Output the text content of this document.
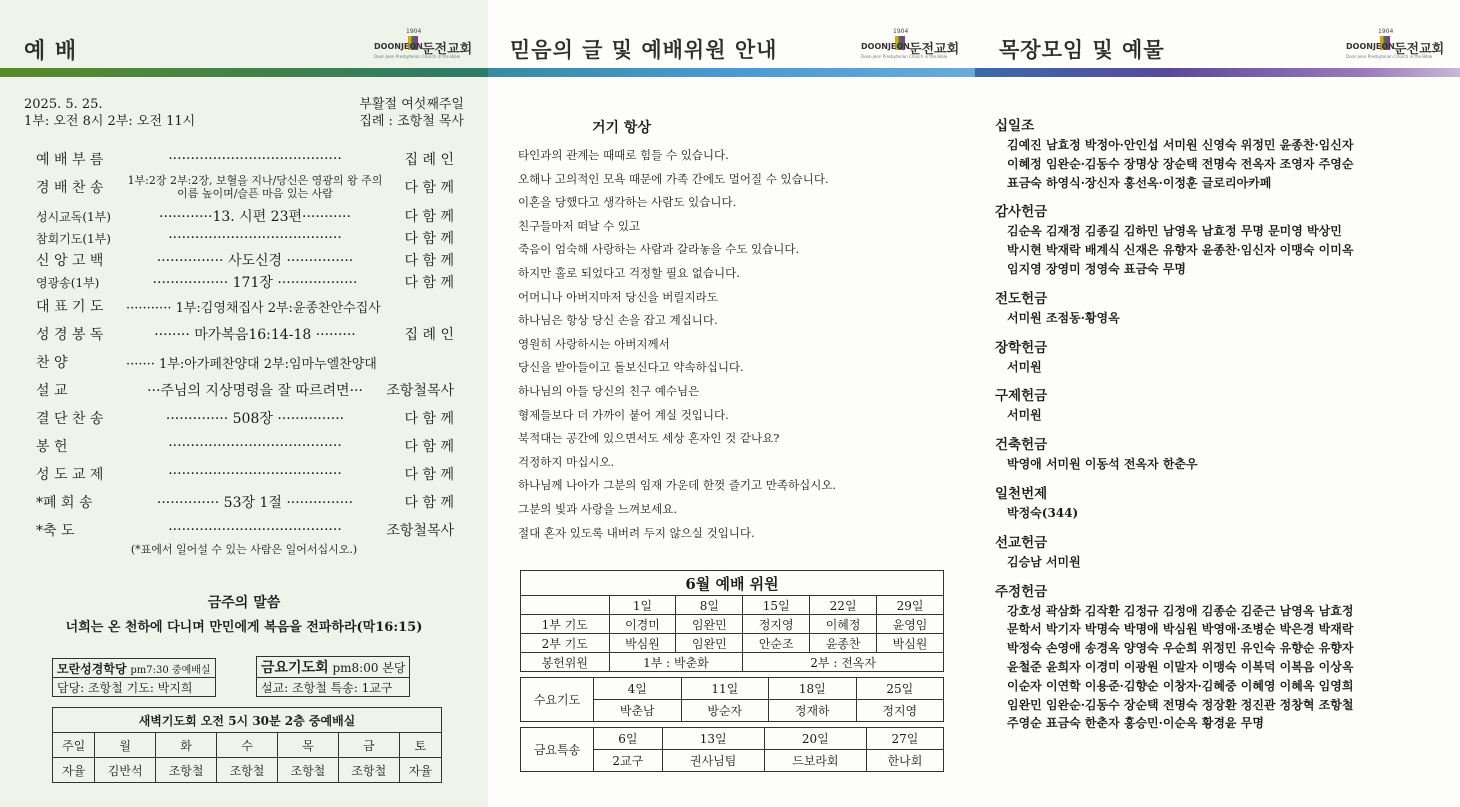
예 배
1904
DOONJEON 둔전교회
Doon Jeon Presbyterian Church in the Bible
2025. 5. 25.	부활절 여섯째주일
1부: 오전 8시 2부: 오전 11시	집례 : 조항철 목사
예 배 부 름	·······································	집 례 인
경 배 찬 송	1부:2장 2부:2장, 보혈을 지나/당신은 영광의 왕 주의 이름 높이며/슬픈 마음 있는 사람	다 함 께
성시교독(1부)	············13. 시편 23편···········	다 함 께
참회기도(1부)	·······································	다 함 께
신 앙 고 백	··············· 사도신경 ···············	다 함 께
영광송(1부)	················· 171장 ··················	다 함 께
대 표 기 도	··········· 1부:김영채집사 2부:윤종찬안수집사
성 경 봉 독	········ 마가복음16:14-18 ·········	집 례 인
찬 양	······· 1부:아가페찬양대 2부:임마누엘찬양대
설 교	···주님의 지상명령을 잘 따르려면···	조항철목사
결 단 찬 송	·············· 508장 ···············	다 함 께
봉 헌	·······································	다 함 께
성 도 교 제	·······································	다 함 께
*폐 회 송	·············· 53장 1절 ···············	다 함 께
*축 도	·······································	조항철목사
(*표에서 일어설 수 있는 사람은 일어서십시오.)
금주의 말씀
너희는 온 천하에 다니며 만민에게 복음을 전파하라(막16:15)
모란성경학당 pm7:30 중예배실
담당: 조항철 기도: 박지희
금요기도회 pm8:00 본당
설교: 조항철 특송: 1교구
새벽기도회 오전 5시 30분 2층 중예배실						
주일	월	화	수	목	금	토
자율	김반석	조항철	조항철	조항철	조항철	자율
믿음의 글 및 예배위원 안내
1904
DOONJEON 둔전교회
Doon Jeon Presbyterian Church in the Bible
거기 항상
타인과의 관계는 때때로 힘들 수 있습니다.
오해나 고의적인 모욕 때문에 가족 간에도 멀어질 수 있습니다.
이혼을 당했다고 생각하는 사람도 있습니다.
친구들마저 떠날 수 있고
죽음이 엄숙해 사랑하는 사람과 갈라놓을 수도 있습니다.
하지만 홀로 되었다고 걱정할 필요 없습니다.
어머니나 아버지마저 당신을 버릴지라도
하나님은 항상 당신 손을 잡고 계십니다.
영원히 사랑하시는 아버지께서
당신을 받아들이고 돌보신다고 약속하십니다.
하나님의 아들 당신의 친구 예수님은
형제들보다 더 가까이 붙어 계실 것입니다.
북적대는 공간에 있으면서도 세상 혼자인 것 같나요?
걱정하지 마십시오.
하나님께 나아가 그분의 임재 가운데 한껏 즐기고 만족하십시오.
그분의 빛과 사랑을 느껴보세요.
절대 혼자 있도록 내버려 두지 않으실 것입니다.
6월 예배 위원					
	1일	8일	15일	22일	29일
1부 기도	이경미	임완민	정지영	이혜정	윤영임
2부 기도	박심원	임완민	안순조	윤종찬	박심원
봉헌위원	1부 : 박춘화		2부 : 전옥자		
수요기도	4일	11일	18일	25일
	박춘남	방순자	정재하	정지영
금요특송	6일	13일	20일	27일
	2교구	권사님팀	드보라회	한나회
목장모임 및 예물
1904
DOONJEON 둔전교회
Doon Jeon Presbyterian Church in the Bible
십일조
김예진 남효정 박정아·안인섭 서미원 신영숙 위정민 윤종찬·임신자
이혜정 임완순·김동수 장명상 장순택 전명숙 전옥자 조영자 주영순
표금숙 하영식·장신자 홍선옥·이정훈 글로리아카페
감사헌금
김순옥 김재정 김종길 김하민 남영옥 남효정 무명 문미영 박상민
박시현 박재락 배계식 신재은 유향자 윤종찬·임신자 이맹숙 이미옥
임지영 장영미 정영숙 표금숙 무명
전도헌금
서미원 조점동·황영옥
장학헌금
서미원
구제헌금
서미원
건축헌금
박영애 서미원 이동석 전옥자 한춘우
일천번제
박정숙(344)
선교헌금
김승남 서미원
주정헌금
강호성 곽삼화 김작환 김정규 김정애 김종순 김준근 남영옥 남효정
문학서 박기자 박명숙 박명애 박심원 박영애·조병순 박은경 박재락
박정숙 손영애 송경옥 양영숙 우순희 위정민 유인숙 유향순 유향자
윤철준 윤희자 이경미 이광원 이말자 이맹숙 이복덕 이복음 이상옥
이순자 이연학 이용준·김향순 이창자·김혜중 이혜영 이혜옥 임영희
임완민 임완순·김동수 장순택 전명숙 정장환 정진관 정창혁 조항철
주영순 표금숙 한춘자 홍승민·이순옥 황경윤 무명
